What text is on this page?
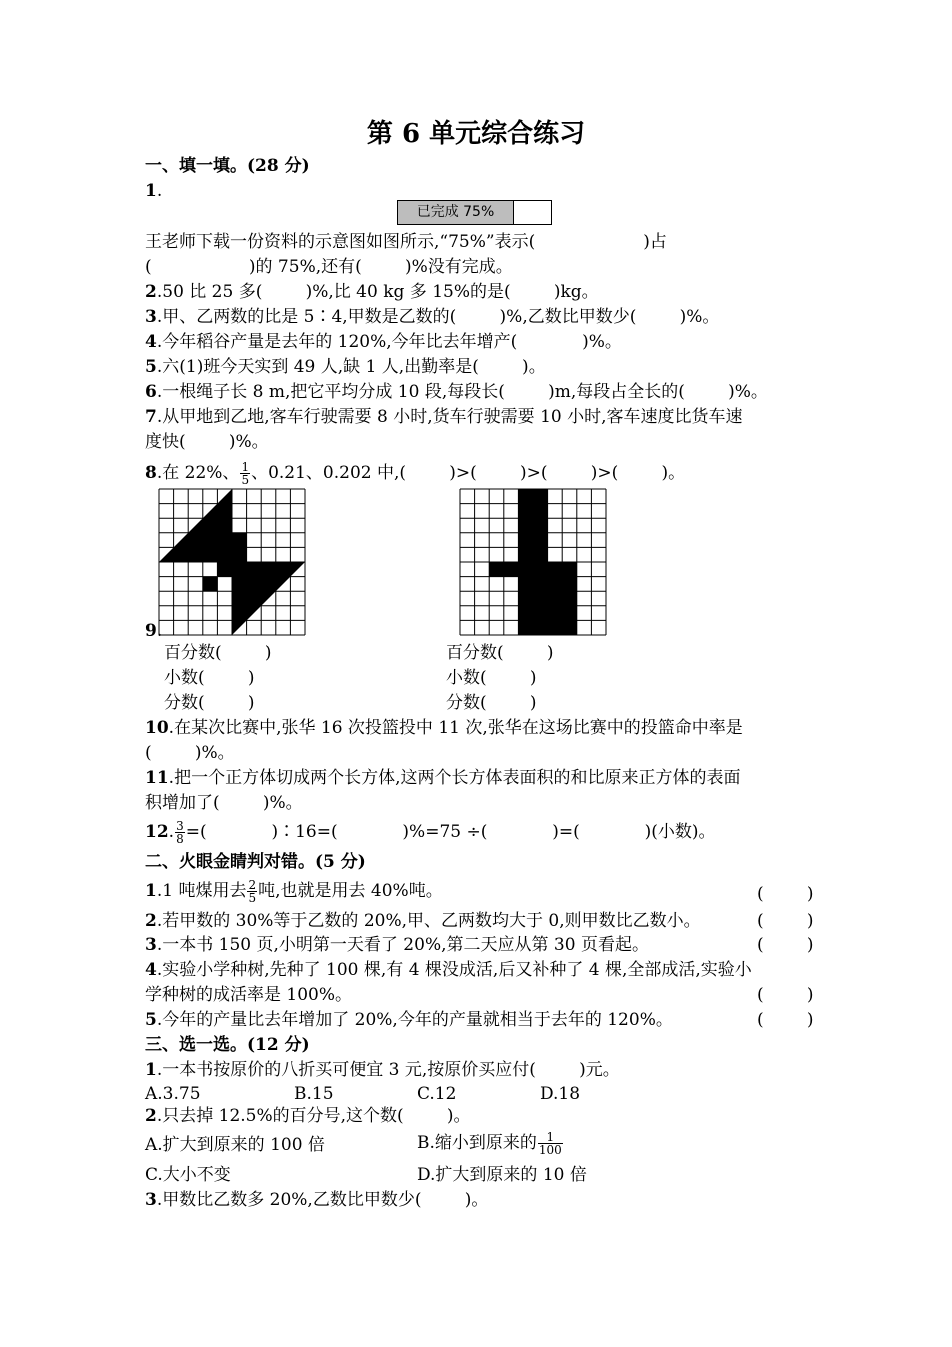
第 6 单元综合练习
一、填一填。(28 分)
1.
已完成 75%
王老师下载一份资料的示意图如图所示,“75%”表示(                    )占
(                  )的 75%,还有(        )%没有完成。
2.50 比 25 多(        )%,比 40 kg 多 15%的是(        )kg。
3.甲、乙两数的比是 5∶4,甲数是乙数的(        )%,乙数比甲数少(        )%。
4.今年稻谷产量是去年的 120%,今年比去年增产(            )%。
5.六(1)班今天实到 49 人,缺 1 人,出勤率是(        )。
6.一根绳子长 8 m,把它平均分成 10 段,每段长(        )m,每段占全长的(        )%。
7.从甲地到乙地,客车行驶需要 8 小时,货车行驶需要 10 小时,客车速度比货车速
度快(        )%。
8.在 22%、 $\frac{1}{5}$ 、0.21、0.202 中,(        )>(        )>(        )>(        )。
9.
百分数(        )
小数(        )
分数(        )
百分数(        )
小数(        )
分数(        )
10.在某次比赛中,张华 16 次投篮投中 11 次,张华在这场比赛中的投篮命中率是
(        )%。
11.把一个正方体切成两个长方体,这两个长方体表面积的和比原来正方体的表面
积增加了(        )%。
12. $\frac{3}{8}$ =(            )∶16=(            )%=75 ÷(            )=(            )(小数)。
二、火眼金睛判对错。(5 分)
1.1 吨煤用去 $\frac{2}{5}$ 吨,也就是用去 40%吨。	(        )
2.若甲数的 30%等于乙数的 20%,甲、乙两数均大于 0,则甲数比乙数小。	(        )
3.一本书 150 页,小明第一天看了 20%,第二天应从第 30 页看起。	(        )
4.实验小学种树,先种了 100 棵,有 4 棵没成活,后又补种了 4 棵,全部成活,实验小
学种树的成活率是 100%。	(        )
5.今年的产量比去年增加了 20%,今年的产量就相当于去年的 120%。	(        )
三、选一选。(12 分)
1.一本书按原价的八折买可便宜 3 元,按原价买应付(        )元。
A.3.75	B.15	C.12	D.18
2.只去掉 12.5%的百分号,这个数(        )。
A.扩大到原来的 100 倍	B.缩小到原来的 $\frac{1}{100}$
C.大小不变	D.扩大到原来的 10 倍
3.甲数比乙数多 20%,乙数比甲数少(        )。
